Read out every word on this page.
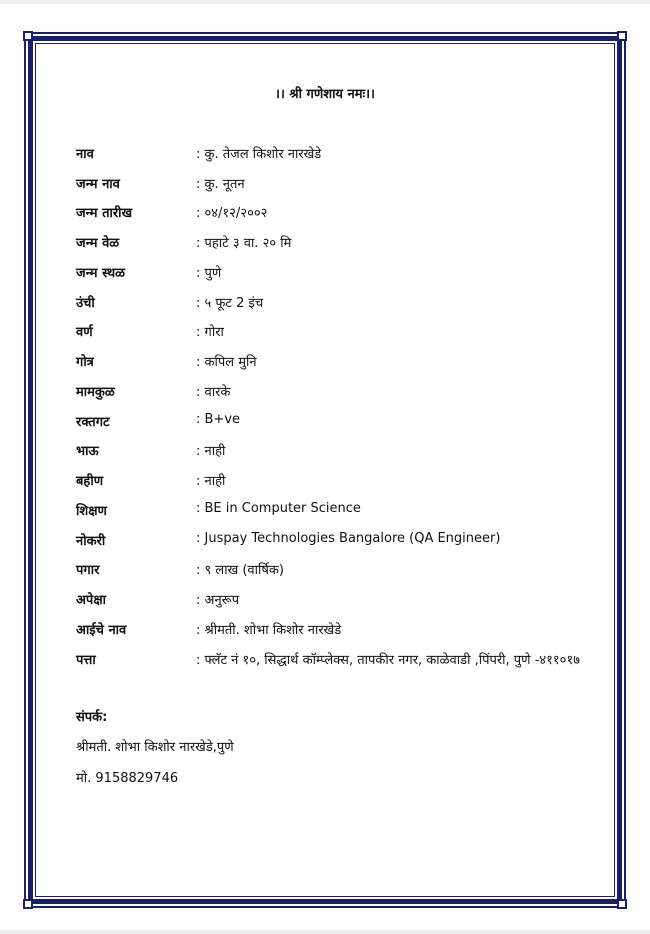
।। श्री गणेशाय नमः।।
नाव	: कु. तेजल किशोर नारखेडे
जन्म नाव	: कु. नूतन
जन्म तारीख	: ०४/१२/२००२
जन्म वेळ	: पहाटे ३ वा. २० मि
जन्म स्थळ	: पुणे
उंची	: ५ फूट 2 इंच
वर्ण	: गोरा
गोत्र	: कपिल मुनि
मामकुळ	: वारके
रक्तगट	: B+ve
भाऊ	: नाही
बहीण	: नाही
शिक्षण	: BE in Computer Science
नोकरी	: Juspay Technologies Bangalore (QA Engineer)
पगार	: ९ लाख (वार्षिक)
अपेक्षा	: अनुरूप
आईचे नाव	: श्रीमती. शोभा किशोर नारखेडे
पत्ता	: फ्लॅट नं १०, सिद्धार्थ कॉम्प्लेक्स, तापकीर नगर, काळेवाडी ,पिंपरी, पुणे -४११०१७
संपर्क:
श्रीमती. शोभा किशोर नारखेडे,पुणे
मो. 9158829746
